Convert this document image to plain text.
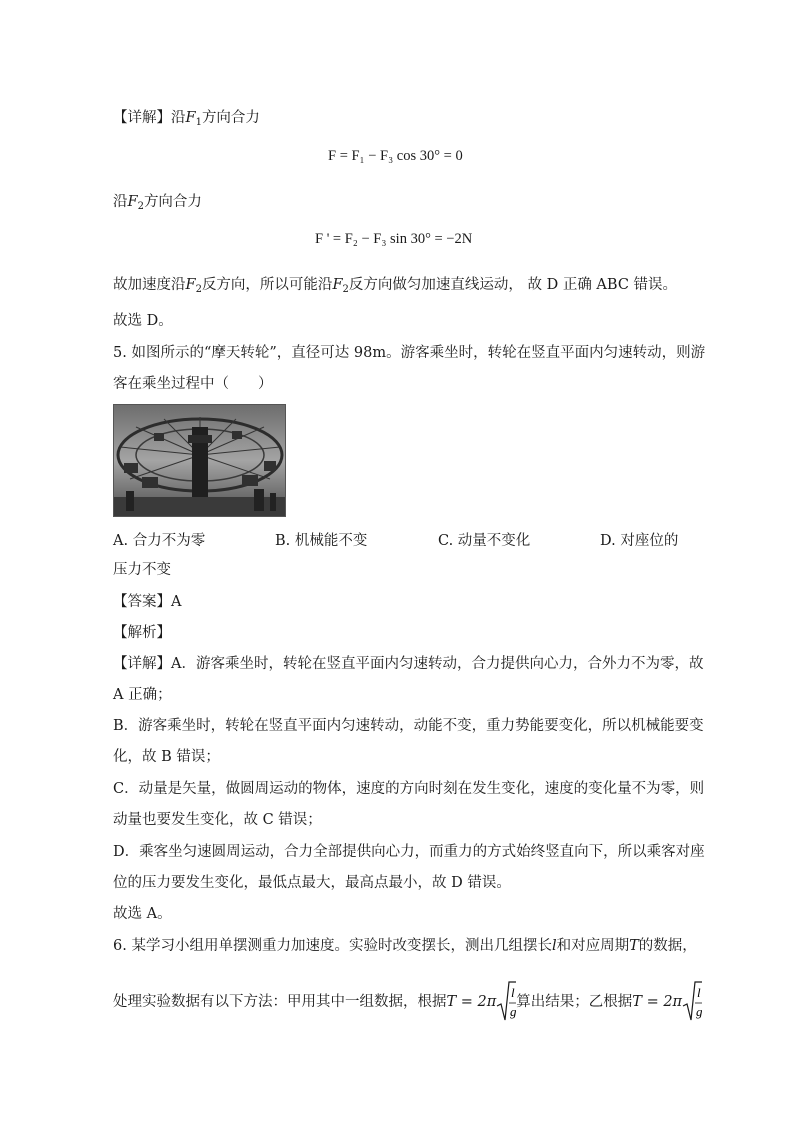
【详解】沿$F_1$方向合力
F = F₁ − F₃ cos 30° = 0
沿$F_2$方向合力
F ' = F₂ − F₃ sin 30° = −2N
故加速度沿$F_2$反方向，所以可能沿$F_2$反方向做匀加速直线运动， 故 D 正确 ABC 错误。
故选 D。
5. 如图所示的“摩天转轮”，直径可达 98m。游客乘坐时，转轮在竖直平面内匀速转动，则游
客在乘坐过程中（　　）
A. 合力不为零	B. 机械能不变	C. 动量不变化	D. 对座位的
压力不变
【答案】A
【解析】
【详解】A．游客乘坐时，转轮在竖直平面内匀速转动，合力提供向心力，合外力不为零，故
A 正确；
B．游客乘坐时，转轮在竖直平面内匀速转动，动能不变，重力势能要变化，所以机械能要变
化，故 B 错误；
C．动量是矢量，做圆周运动的物体，速度的方向时刻在发生变化，速度的变化量不为零，则
动量也要发生变化，故 C 错误；
D．乘客坐匀速圆周运动，合力全部提供向心力，而重力的方式始终竖直向下，所以乘客对座
位的压力要发生变化，最低点最大，最高点最小，故 D 错误。
故选 A。
6. 某学习小组用单摆测重力加速度。实验时改变摆长，测出几组摆长l和对应周期T的数据，
处理实验数据有以下方法：甲用其中一组数据，根据T = 2π
l
g
算出结果；乙根据T = 2π
l
g
